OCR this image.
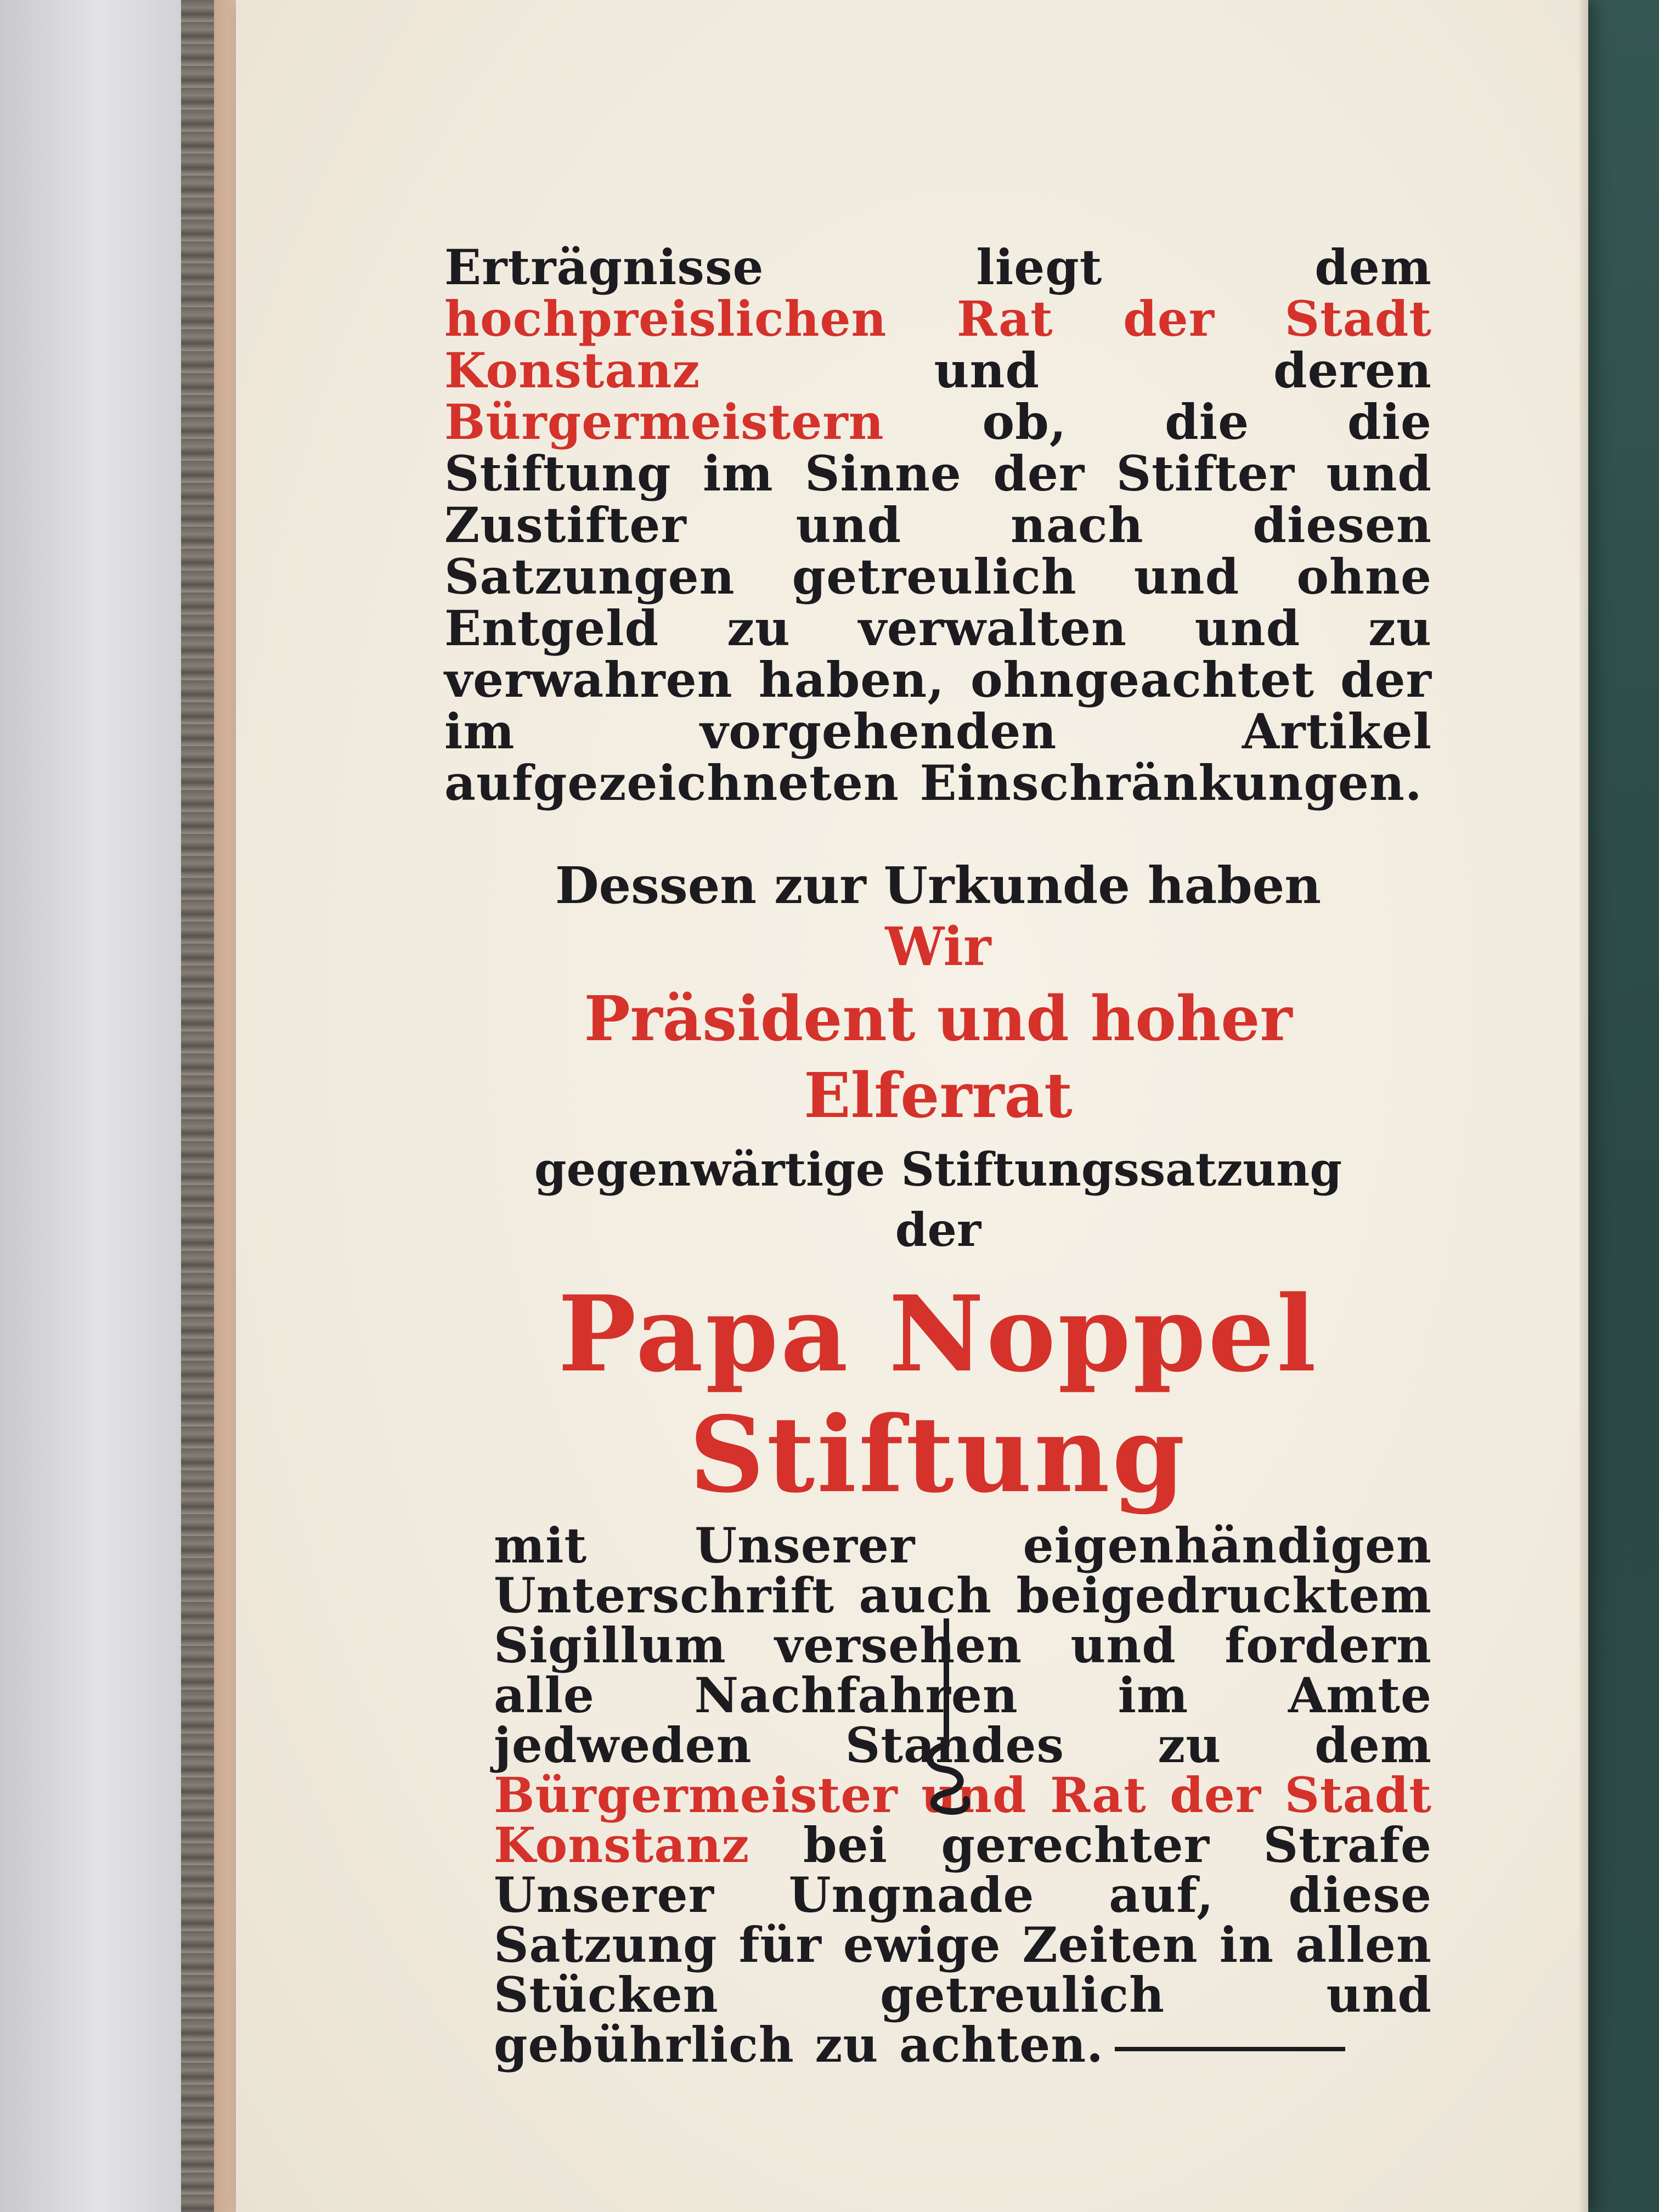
Erträgnisse liegt dem hochpreislichen Rat der Stadt Konstanz und deren Bürgermeistern ob, die die Stiftung im Sinne der Stifter und Zustifter und nach diesen Satzungen getreulich und ohne Entgeld zu verwalten und zu verwahren haben, ohngeachtet der im vorgehenden Artikel aufgezeichneten Einschränkungen.
Dessen zur Urkunde haben
Wir
Präsident und hoher Elferrat
gegenwärtige Stiftungssatzung
der
Papa Noppel Stiftung
mit Unserer eigenhändigen Unterschrift auch beigedrucktem Sigillum versehen und fordern alle Nachfahren im Amte jedweden Standes zu dem Bürgermeister und Rat der Stadt Konstanz bei gerechter Strafe Unserer Ungnade auf, diese Satzung für ewige Zeiten in allen Stücken getreulich und gebührlich zu achten.
